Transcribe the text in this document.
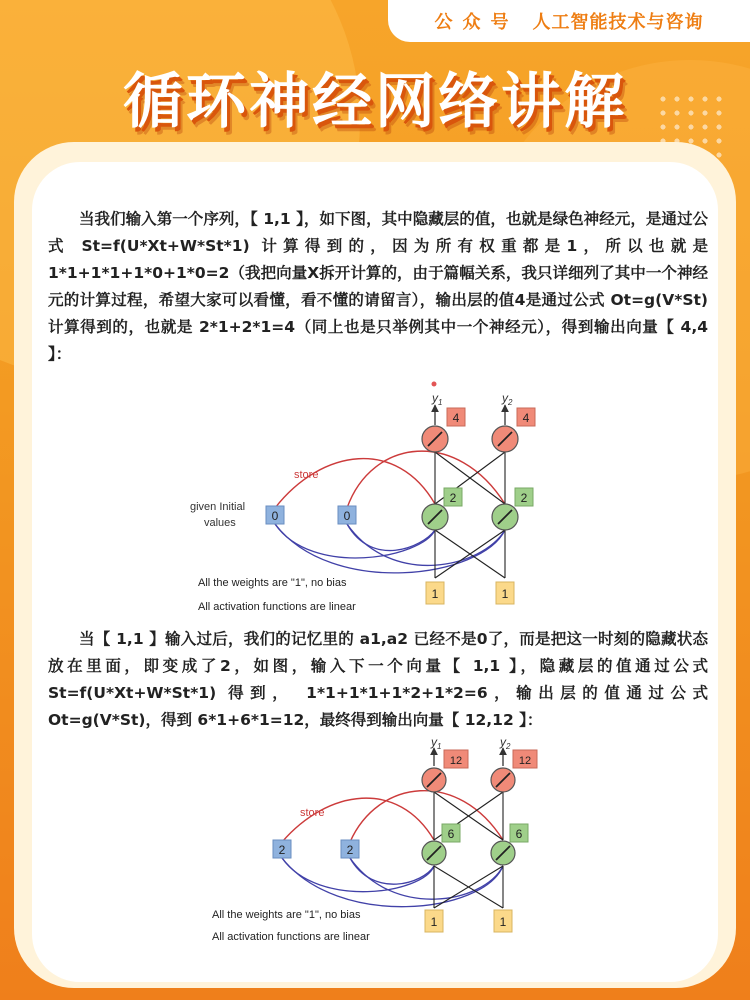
公众号 人工智能技术与咨询
循环神经网络讲解

当我们输入第一个序列，【 1,1 】，如下图，其中隐藏层的值，也就是绿色神经元，是通过公式 St=f(U*Xt+W*St*1) 计算得到的，因为所有权重都是1，所以也就是 1*1+1*1+1*0+1*0=2（我把向量X拆开计算的，由于篇幅关系，我只详细列了其中一个神经元的计算过程，希望大家可以看懂，看不懂的请留言），输出层的值4是通过公式 Ot=g(V*St) 计算得到的，也就是 2*1+2*1=4（同上也是只举例其中一个神经元），得到输出向量【 4,4 】：

$y_1$	$y_2$
store
4	4
2	2
0	0
given Initial
values
1	1
All the weights are "1", no bias
All activation functions are linear

当【 1,1 】输入过后，我们的记忆里的 a1,a2 已经不是0了，而是把这一时刻的隐藏状态放在里面，即变成了2，如图，输入下一个向量【 1,1 】，隐藏层的值通过公式St=f(U*Xt+W*St*1) 得到， 1*1+1*1+1*2+1*2=6，输出层的值通过公式Ot=g(V*St)，得到 6*1+6*1=12，最终得到输出向量【 12,12 】：

$y_1$	$y_2$
store
12	12
6	6
2	2
1	1
All the weights are "1", no bias
All activation functions are linear
